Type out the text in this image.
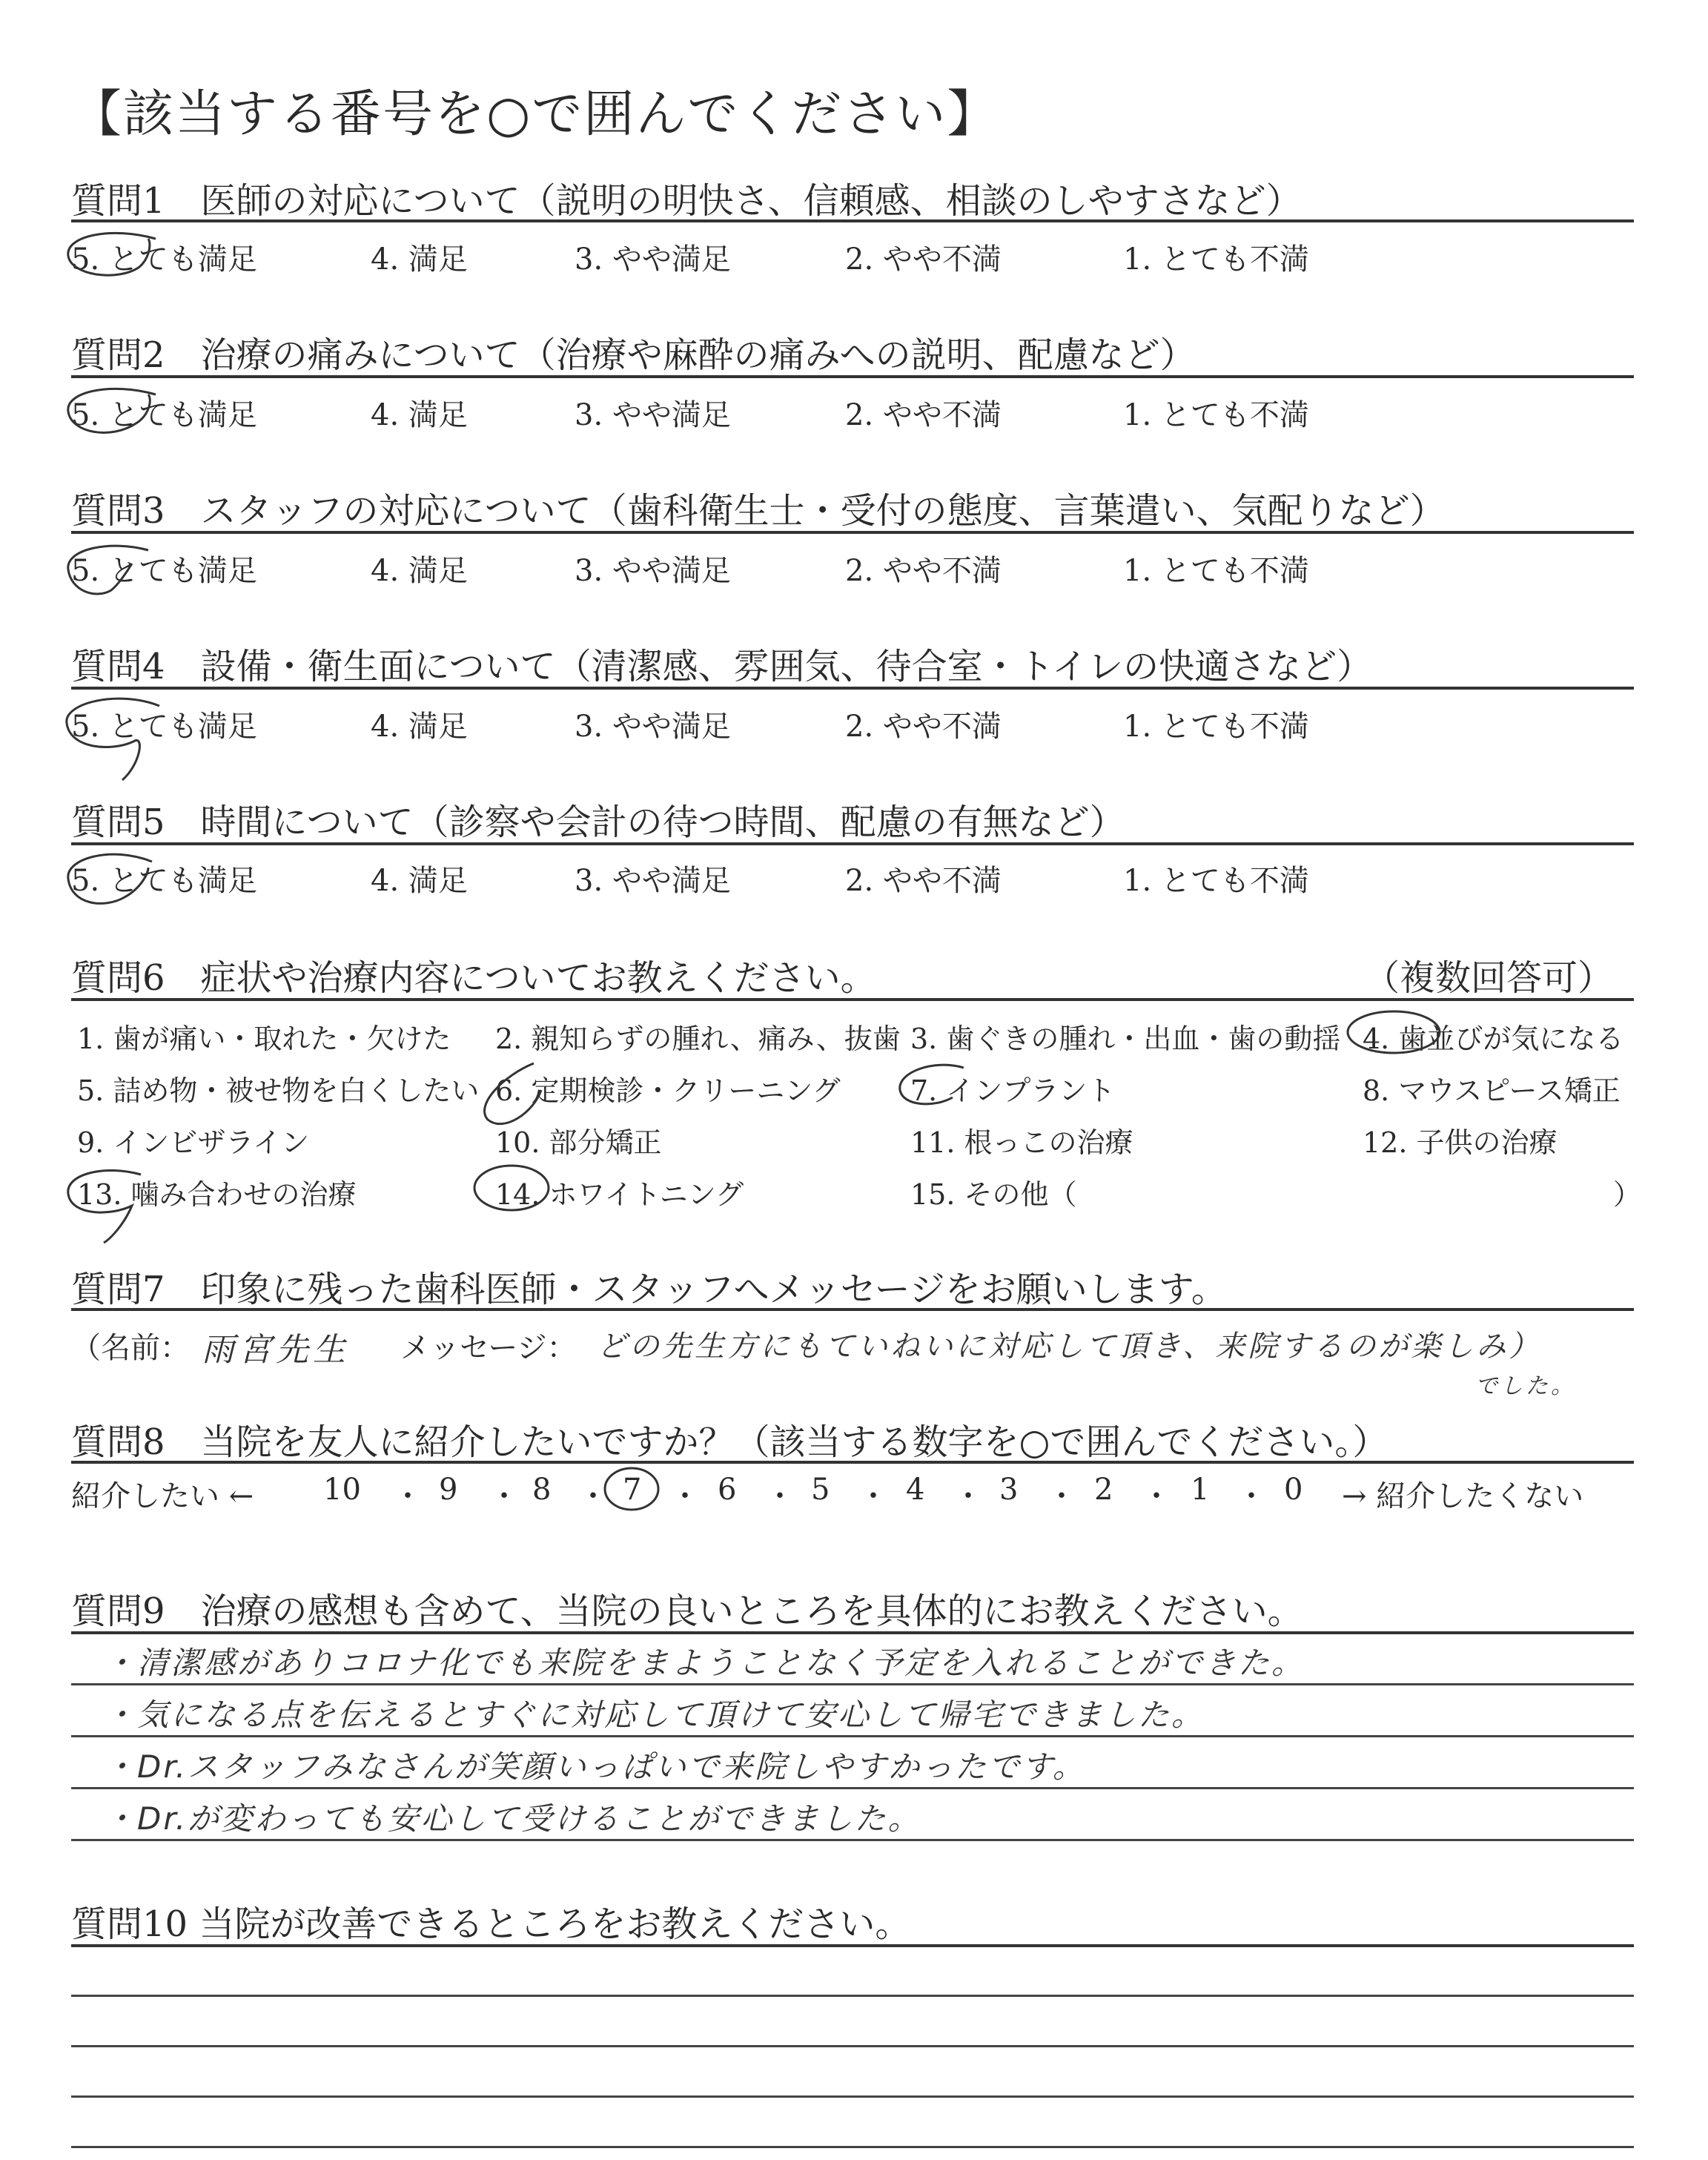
【該当する番号を○で囲んでください】
質問1　医師の対応について（説明の明快さ、信頼感、相談のしやすさなど）
5. とても満足	4. 満足	3. やや満足	2. やや不満	1. とても不満
質問2　治療の痛みについて（治療や麻酔の痛みへの説明、配慮など）
5. とても満足	4. 満足	3. やや満足	2. やや不満	1. とても不満
質問3　スタッフの対応について（歯科衛生士・受付の態度、言葉遣い、気配りなど）
5. とても満足	4. 満足	3. やや満足	2. やや不満	1. とても不満
質問4　設備・衛生面について（清潔感、雰囲気、待合室・トイレの快適さなど）
5. とても満足	4. 満足	3. やや満足	2. やや不満	1. とても不満
質問5　時間について（診察や会計の待つ時間、配慮の有無など）
5. とても満足	4. 満足	3. やや満足	2. やや不満	1. とても不満
質問6　症状や治療内容についてお教えください。	（複数回答可）
1. 歯が痛い・取れた・欠けた 2. 親知らずの腫れ、痛み、抜歯 3. 歯ぐきの腫れ・出血・歯の動揺 4. 歯並びが気になる
5. 詰め物・被せ物を白くしたい 6. 定期検診・クリーニング 7. インプラント	8. マウスピース矯正
9. インビザライン	10. 部分矯正	11. 根っこの治療	12. 子供の治療
13. 噛み合わせの治療	14. ホワイトニング	15. その他（	）
質問7　印象に残った歯科医師・スタッフへメッセージをお願いします。
（名前： 雨宮先生 メッセージ： どの先生方にもていねいに対応して頂き、来院するのが楽しみ）
でした。
質問8　当院を友人に紹介したいですか？（該当する数字を○で囲んでください。）
紹介したい ←	→ 紹介したくない
10	9	8 7	6	5	4	3	2	1	0
・ ・ ・ ・ ・ ・ ・ ・ ・ ・
質問9　治療の感想も含めて、当院の良いところを具体的にお教えください。
・清潔感がありコロナ化でも来院をまようことなく予定を入れることができた。
・気になる点を伝えるとすぐに対応して頂けて安心して帰宅できました。
・Dr.スタッフみなさんが笑顔いっぱいで来院しやすかったです。
・Dr.が変わっても安心して受けることができました。
質問10 当院が改善できるところをお教えください。
